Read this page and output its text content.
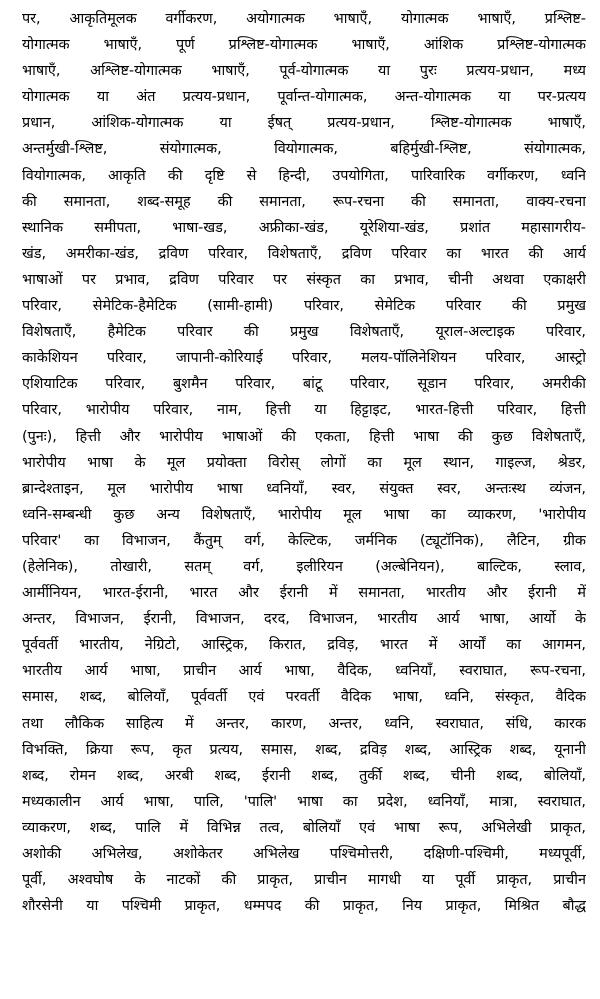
पर, आकृतिमूलक वर्गीकरण, अयोगात्मक भाषाएँ, योगात्मक भाषाएँ, प्रश्लिष्ट-
योगात्मक भाषाएँ, पूर्ण प्रश्लिष्ट-योगात्मक भाषाएँ, आंशिक प्रश्लिष्ट-योगात्मक
भाषाएँ, अश्लिष्ट-योगात्मक भाषाएँ, पूर्व-योगात्मक या पुरः प्रत्यय-प्रधान, मध्य
योगात्मक या अंत प्रत्यय-प्रधान, पूर्वान्त-योगात्मक, अन्त-योगात्मक या पर-प्रत्यय
प्रधान, आंशिक-योगात्मक या ईषत् प्रत्यय-प्रधान, श्लिष्ट-योगात्मक भाषाएँ,
अन्तर्मुखी-श्लिष्ट, संयोगात्मक, वियोगात्मक, बहिर्मुखी-श्लिष्ट, संयोगात्मक,
वियोगात्मक, आकृति की दृष्टि से हिन्दी, उपयोगिता, पारिवारिक वर्गीकरण, ध्वनि
की समानता, शब्द-समूह की समानता, रूप-रचना की समानता, वाक्य-रचना
स्थानिक समीपता, भाषा-खड, अफ्रीका-खंड, यूरेशिया-खंड, प्रशांत महासागरीय-
खंड, अमरीका-खंड, द्रविण परिवार, विशेषताएँ, द्रविण परिवार का भारत की आर्य
भाषाओं पर प्रभाव, द्रविण परिवार पर संस्कृत का प्रभाव, चीनी अथवा एकाक्षरी
परिवार, सेमेटिक-हैमेटिक (सामी-हामी) परिवार, सेमेटिक परिवार की प्रमुख
विशेषताएँ, हैमेटिक परिवार की प्रमुख विशेषताएँ, यूराल-अल्टाइक परिवार,
काकेशियन परिवार, जापानी-कोरियाई परिवार, मलय-पॉलिनेशियन परिवार, आस्ट्रो
एशियाटिक परिवार, बुशमैन परिवार, बांटू परिवार, सूडान परिवार, अमरीकी
परिवार, भारोपीय परिवार, नाम, हित्ती या हिट्टाइट, भारत-हित्ती परिवार, हित्ती
(पुनः), हित्ती और भारोपीय भाषाओं की एकता, हित्ती भाषा की कुछ विशेषताएँ,
भारोपीय भाषा के मूल प्रयोक्ता विरोस् लोगों का मूल स्थान, गाइल्ज, श्रेडर,
ब्रान्देश्ताइन, मूल भारोपीय भाषा ध्वनियाँ, स्वर, संयुक्त स्वर, अन्तःस्थ व्यंजन,
ध्वनि-सम्बन्धी कुछ अन्य विशेषताएँ, भारोपीय मूल भाषा का व्याकरण, 'भारोपीय
परिवार' का विभाजन, कैंतुम् वर्ग, केल्टिक, जर्मनिक (ट्यूटॉनिक), लैटिन, ग्रीक
(हेलेनिक), तोखारी, सतम् वर्ग, इलीरियन (अल्बेनियन), बाल्टिक, स्लाव,
आर्मीनियन, भारत-ईरानी, भारत और ईरानी में समानता, भारतीय और ईरानी में
अन्तर, विभाजन, ईरानी, विभाजन, दरद, विभाजन, भारतीय आर्य भाषा, आर्यो के
पूर्ववर्ती भारतीय, नेग्रिटो, आस्ट्रिक, किरात, द्रविड़, भारत में आर्यों का आगमन,
भारतीय आर्य भाषा, प्राचीन आर्य भाषा, वैदिक, ध्वनियाँ, स्वराघात, रूप-रचना,
समास, शब्द, बोलियाँ, पूर्ववर्ती एवं परवर्ती वैदिक भाषा, ध्वनि, संस्कृत, वैदिक
तथा लौकिक साहित्य में अन्तर, कारण, अन्तर, ध्वनि, स्वराघात, संधि, कारक
विभक्ति, क्रिया रूप, कृत प्रत्यय, समास, शब्द, द्रविड़ शब्द, आस्ट्रिक शब्द, यूनानी
शब्द, रोमन शब्द, अरबी शब्द, ईरानी शब्द, तुर्की शब्द, चीनी शब्द, बोलियाँ,
मध्यकालीन आर्य भाषा, पालि, 'पालि' भाषा का प्रदेश, ध्वनियाँ, मात्रा, स्वराघात,
व्याकरण, शब्द, पालि में विभिन्न तत्व, बोलियाँ एवं भाषा रूप, अभिलेखी प्राकृत,
अशोकी अभिलेख, अशोकेतर अभिलेख पश्चिमोत्तरी, दक्षिणी-पश्चिमी, मध्यपूर्वी,
पूर्वी, अश्वघोष के नाटकों की प्राकृत, प्राचीन मागधी या पूर्वी प्राकृत, प्राचीन
शौरसेनी या पश्चिमी प्राकृत, धम्मपद की प्राकृत, निय प्राकृत, मिश्रित बौद्ध
